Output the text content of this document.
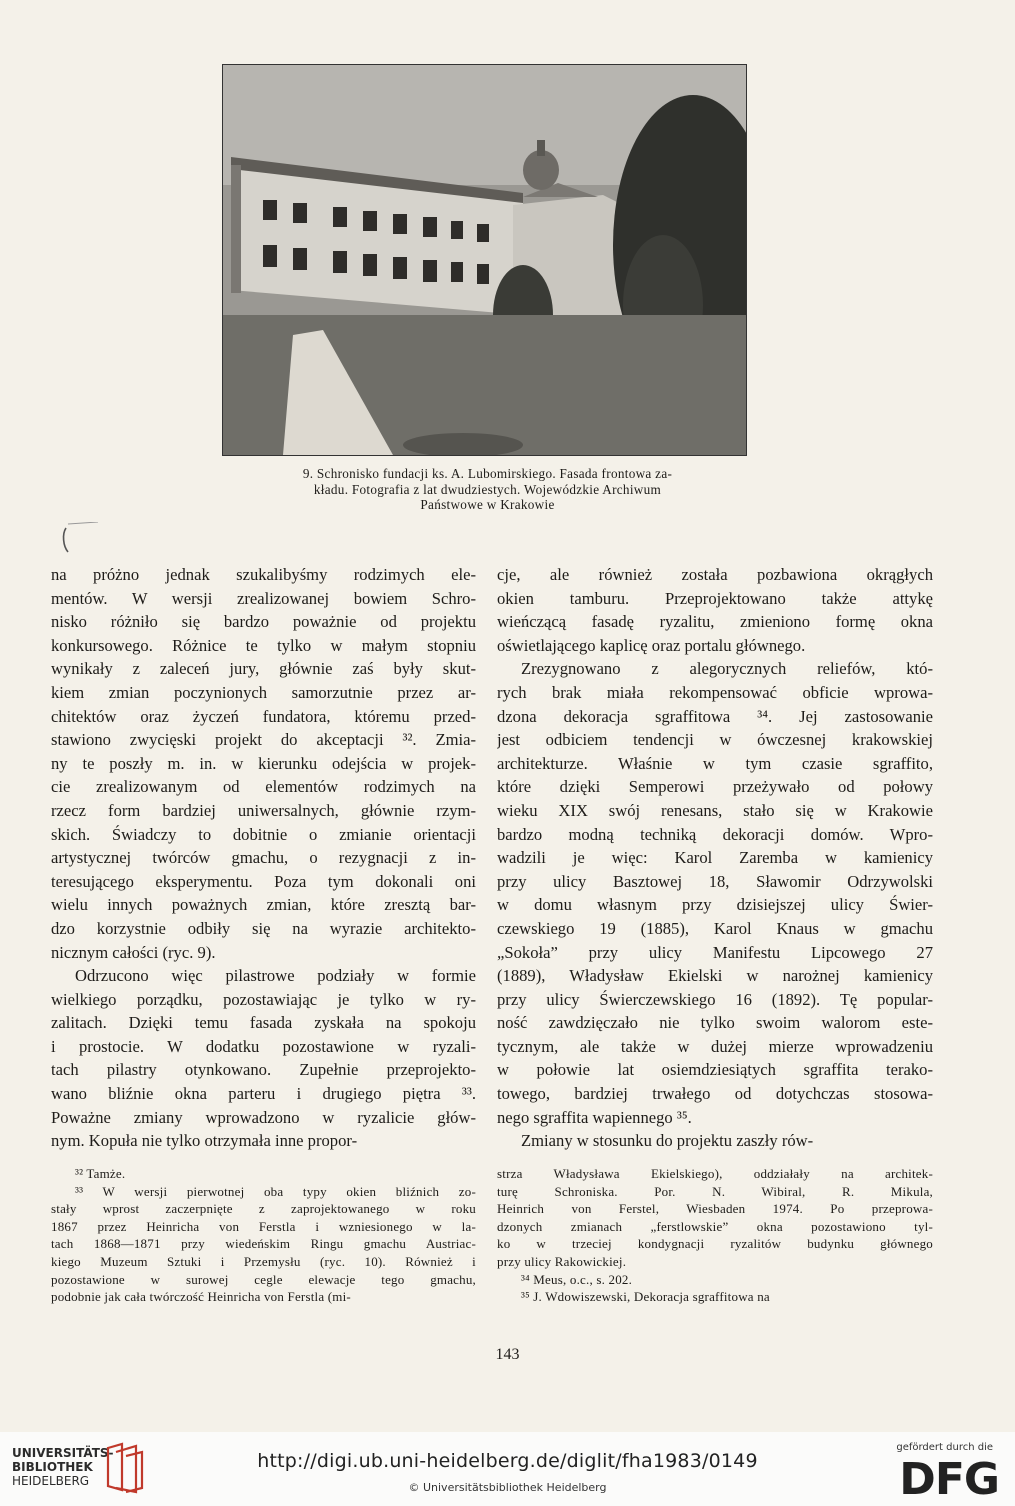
9. Schronisko fundacji ks. A. Lubomirskiego. Fasada frontowa za-
kładu. Fotografia z lat dwudziestych. Wojewódzkie Archiwum
Państwowe w Krakowie
na próżno jednak szukalibyśmy rodzimych ele-
mentów. W wersji zrealizowanej bowiem Schro-
nisko różniło się bardzo poważnie od projektu
konkursowego. Różnice te tylko w małym stopniu
wynikały z zaleceń jury, głównie zaś były skut-
kiem zmian poczynionych samorzutnie przez ar-
chitektów oraz życzeń fundatora, któremu przed-
stawiono zwycięski projekt do akceptacji ³². Zmia-
ny te poszły m. in. w kierunku odejścia w projek-
cie zrealizowanym od elementów rodzimych na
rzecz form bardziej uniwersalnych, głównie rzym-
skich. Świadczy to dobitnie o zmianie orientacji
artystycznej twórców gmachu, o rezygnacji z in-
teresującego eksperymentu. Poza tym dokonali oni
wielu innych poważnych zmian, które zresztą bar-
dzo korzystnie odbiły się na wyrazie architekto-
nicznym całości (ryc. 9).
Odrzucono więc pilastrowe podziały w formie
wielkiego porządku, pozostawiając je tylko w ry-
zalitach. Dzięki temu fasada zyskała na spokoju
i prostocie. W dodatku pozostawione w ryzali-
tach pilastry otynkowano. Zupełnie przeprojekto-
wano bliźnie okna parteru i drugiego piętra ³³.
Poważne zmiany wprowadzono w ryzalicie głów-
nym. Kopuła nie tylko otrzymała inne propor-
cje, ale również została pozbawiona okrągłych
okien tamburu. Przeprojektowano także attykę
wieńczącą fasadę ryzalitu, zmieniono formę okna
oświetlającego kaplicę oraz portalu głównego.
Zrezygnowano z alegorycznych reliefów, któ-
rych brak miała rekompensować obficie wprowa-
dzona dekoracja sgraffitowa ³⁴. Jej zastosowanie
jest odbiciem tendencji w ówczesnej krakowskiej
architekturze. Właśnie w tym czasie sgraffito,
które dzięki Semperowi przeżywało od połowy
wieku XIX swój renesans, stało się w Krakowie
bardzo modną techniką dekoracji domów. Wpro-
wadzili je więc: Karol Zaremba w kamienicy
przy ulicy Basztowej 18, Sławomir Odrzywolski
w domu własnym przy dzisiejszej ulicy Świer-
czewskiego 19 (1885), Karol Knaus w gmachu
„Sokoła” przy ulicy Manifestu Lipcowego 27
(1889), Władysław Ekielski w narożnej kamienicy
przy ulicy Świerczewskiego 16 (1892). Tę popular-
ność zawdzięczało nie tylko swoim walorom este-
tycznym, ale także w dużej mierze wprowadzeniu
w połowie lat osiemdziesiątych sgraffita terako-
towego, bardziej trwałego od dotychczas stosowa-
nego sgraffita wapiennego ³⁵.
Zmiany w stosunku do projektu zaszły rów-
³² Tamże.
³³ W wersji pierwotnej oba typy okien bliźnich zo-
stały wprost zaczerpnięte z zaprojektowanego w roku
1867 przez Heinricha von Ferstla i wzniesionego w la-
tach 1868—1871 przy wiedeńskim Ringu gmachu Austriac-
kiego Muzeum Sztuki i Przemysłu (ryc. 10). Również i
pozostawione w surowej cegle elewacje tego gmachu,
podobnie jak cała twórczość Heinricha von Ferstla (mi-
strza Władysława Ekielskiego), oddziałały na architek-
turę Schroniska. Por. N. Wibiral, R. Mikula,
Heinrich von Ferstel, Wiesbaden 1974. Po przeprowa-
dzonych zmianach „ferstlowskie” okna pozostawiono tyl-
ko w trzeciej kondygnacji ryzalitów budynku głównego
przy ulicy Rakowickiej.
³⁴ Meus, o.c., s. 202.
³⁵ J. Wdowiszewski, Dekoracja sgraffitowa na
143
UNIVERSITÄTS-
BIBLIOTHEK
HEIDELBERG
http://digi.ub.uni-heidelberg.de/diglit/fha1983/0149
© Universitätsbibliothek Heidelberg
gefördert durch die
DFG
